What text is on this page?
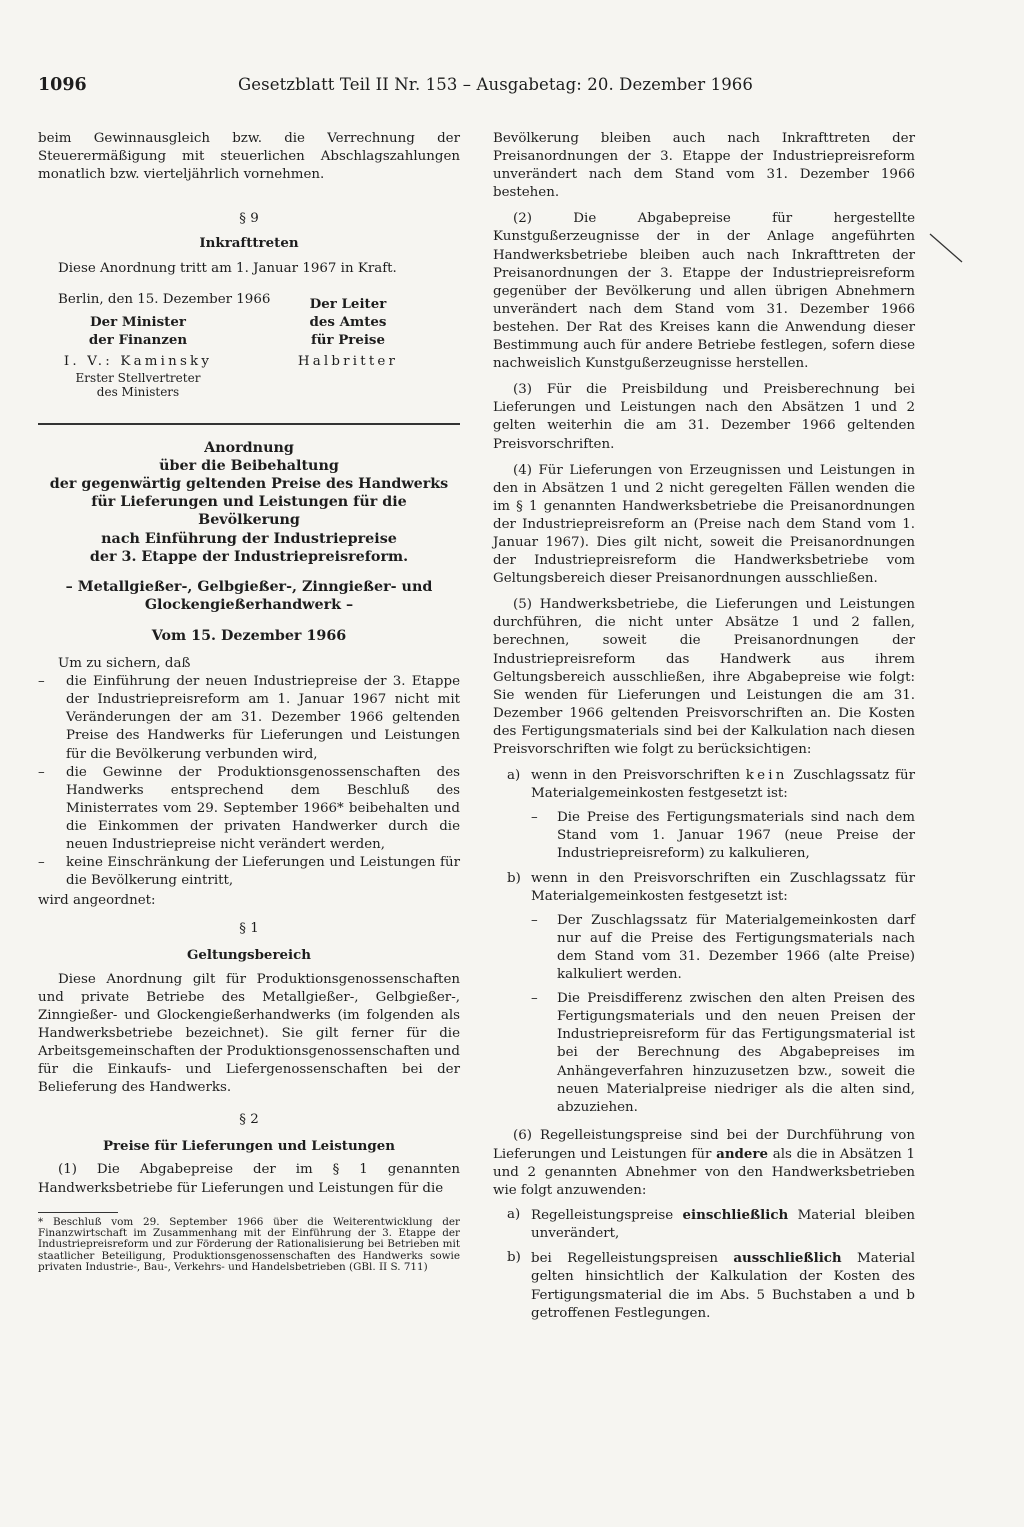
1096	Gesetzblatt Teil II Nr. 153 – Ausgabetag: 20. Dezember 1966

beim Gewinnausgleich bzw. die Verrechnung der Steuerermäßigung mit steuerlichen Abschlagszahlungen monatlich bzw. vierteljährlich vornehmen.

§ 9
Inkrafttreten

Diese Anordnung tritt am 1. Januar 1967 in Kraft.

Berlin, den 15. Dezember 1966
Der Minister
der Finanzen
I. V.: Kaminsky
Erster Stellvertreter
des Ministers
Der Leiter
des Amtes
für Preise
Halbritter
Anordnung
über die Beibehaltung
der gegenwärtig geltenden Preise des Handwerks
für Lieferungen und Leistungen für die Bevölkerung
nach Einführung der Industriepreise
der 3. Etappe der Industriepreisreform.
– Metallgießer-, Gelbgießer-, Zinngießer- und
Glockengießerhandwerk –
Vom 15. Dezember 1966

Um zu sichern, daß

– die Einführung der neuen Industriepreise der 3. Etappe der Industriepreisreform am 1. Januar 1967 nicht mit Veränderungen der am 31. Dezember 1966 geltenden Preise des Handwerks für Lieferungen und Leistungen für die Bevölkerung verbunden wird,

– die Gewinne der Produktionsgenossenschaften des Handwerks entsprechend dem Beschluß des Ministerrates vom 29. September 1966* beibehalten und die Einkommen der privaten Handwerker durch die neuen Industriepreise nicht verändert werden,

– keine Einschränkung der Lieferungen und Leistungen für die Bevölkerung eintritt,

wird angeordnet:

§ 1
Geltungsbereich

Diese Anordnung gilt für Produktionsgenossenschaften und private Betriebe des Metallgießer-, Gelbgießer-, Zinngießer- und Glockengießerhandwerks (im folgenden als Handwerksbetriebe bezeichnet). Sie gilt ferner für die Arbeitsgemeinschaften der Produktionsgenossenschaften und für die Einkaufs- und Liefergenossenschaften bei der Belieferung des Handwerks.

§ 2
Preise für Lieferungen und Leistungen

(1) Die Abgabepreise der im § 1 genannten Handwerksbetriebe für Lieferungen und Leistungen für die

* Beschluß vom 29. September 1966 über die Weiterentwicklung der Finanzwirtschaft im Zusammenhang mit der Einführung der 3. Etappe der Industriepreisreform und zur Förderung der Rationalisierung bei Betrieben mit staatlicher Beteiligung, Produktionsgenossenschaften des Handwerks sowie privaten Industrie-, Bau-, Verkehrs- und Handelsbetrieben (GBl. II S. 711)

Bevölkerung bleiben auch nach Inkrafttreten der Preisanordnungen der 3. Etappe der Industriepreisreform unverändert nach dem Stand vom 31. Dezember 1966 bestehen.

(2) Die Abgabepreise für hergestellte Kunstgußerzeugnisse der in der Anlage angeführten Handwerksbetriebe bleiben auch nach Inkrafttreten der Preisanordnungen der 3. Etappe der Industriepreisreform gegenüber der Bevölkerung und allen übrigen Abnehmern unverändert nach dem Stand vom 31. Dezember 1966 bestehen. Der Rat des Kreises kann die Anwendung dieser Bestimmung auch für andere Betriebe festlegen, sofern diese nachweislich Kunstgußerzeugnisse herstellen.

(3) Für die Preisbildung und Preisberechnung bei Lieferungen und Leistungen nach den Absätzen 1 und 2 gelten weiterhin die am 31. Dezember 1966 geltenden Preisvorschriften.

(4) Für Lieferungen von Erzeugnissen und Leistungen in den in Absätzen 1 und 2 nicht geregelten Fällen wenden die im § 1 genannten Handwerksbetriebe die Preisanordnungen der Industriepreisreform an (Preise nach dem Stand vom 1. Januar 1967). Dies gilt nicht, soweit die Preisanordnungen der Industriepreisreform die Handwerksbetriebe vom Geltungsbereich dieser Preisanordnungen ausschließen.

(5) Handwerksbetriebe, die Lieferungen und Leistungen durchführen, die nicht unter Absätze 1 und 2 fallen, berechnen, soweit die Preisanordnungen der Industriepreisreform das Handwerk aus ihrem Geltungsbereich ausschließen, ihre Abgabepreise wie folgt: Sie wenden für Lieferungen und Leistungen die am 31. Dezember 1966 geltenden Preisvorschriften an. Die Kosten des Fertigungsmaterials sind bei der Kalkulation nach diesen Preisvorschriften wie folgt zu berücksichtigen:

a) wenn in den Preisvorschriften kein Zuschlagssatz für Materialgemeinkosten festgesetzt ist:

– Die Preise des Fertigungsmaterials sind nach dem Stand vom 1. Januar 1967 (neue Preise der Industriepreisreform) zu kalkulieren,

b) wenn in den Preisvorschriften ein Zuschlagssatz für Materialgemeinkosten festgesetzt ist:

– Der Zuschlagssatz für Materialgemeinkosten darf nur auf die Preise des Fertigungsmaterials nach dem Stand vom 31. Dezember 1966 (alte Preise) kalkuliert werden.

– Die Preisdifferenz zwischen den alten Preisen des Fertigungsmaterials und den neuen Preisen der Industriepreisreform für das Fertigungsmaterial ist bei der Berechnung des Abgabepreises im Anhängeverfahren hinzuzusetzen bzw., soweit die neuen Materialpreise niedriger als die alten sind, abzuziehen.

(6) Regelleistungspreise sind bei der Durchführung von Lieferungen und Leistungen für andere als die in Absätzen 1 und 2 genannten Abnehmer von den Handwerksbetrieben wie folgt anzuwenden:

a) Regelleistungspreise einschließlich Material bleiben unverändert,

b) bei Regelleistungspreisen ausschließlich Material gelten hinsichtlich der Kalkulation der Kosten des Fertigungsmaterial die im Abs. 5 Buchstaben a und b getroffenen Festlegungen.
